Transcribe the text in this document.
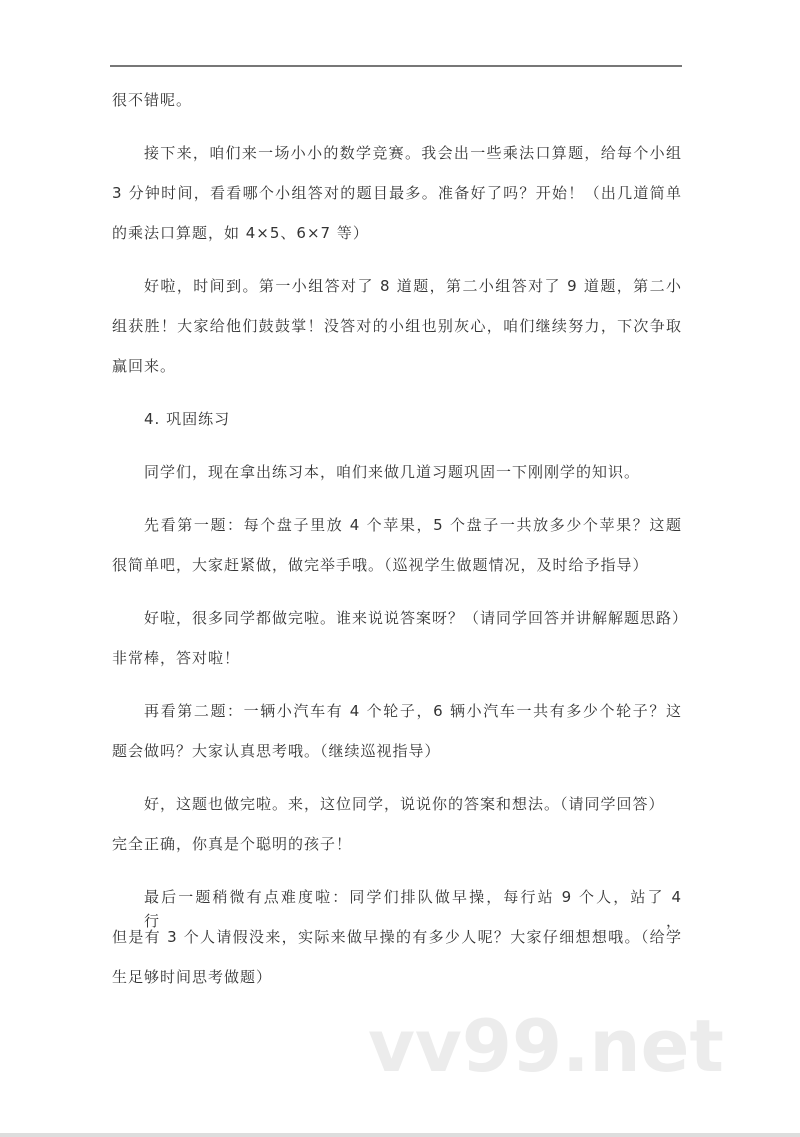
很不错呢。
接下来，咱们来一场小小的数学竞赛。我会出一些乘法口算题，给每个小组
3 分钟时间，看看哪个小组答对的题目最多。准备好了吗？开始！（出几道简单
的乘法口算题，如 4×5、6×7 等）
好啦，时间到。第一小组答对了 8 道题，第二小组答对了 9 道题，第二小
组获胜！大家给他们鼓鼓掌！没答对的小组也别灰心，咱们继续努力，下次争取
赢回来。
4. 巩固练习
同学们，现在拿出练习本，咱们来做几道习题巩固一下刚刚学的知识。
先看第一题：每个盘子里放 4 个苹果，5 个盘子一共放多少个苹果？这题
很简单吧，大家赶紧做，做完举手哦。（巡视学生做题情况，及时给予指导）
好啦，很多同学都做完啦。谁来说说答案呀？（请同学回答并讲解解题思路）
非常棒，答对啦！
再看第二题：一辆小汽车有 4 个轮子，6 辆小汽车一共有多少个轮子？这
题会做吗？大家认真思考哦。（继续巡视指导）
好，这题也做完啦。来，这位同学，说说你的答案和想法。（请同学回答）
完全正确，你真是个聪明的孩子！
最后一题稍微有点难度啦：同学们排队做早操，每行站 9 个人，站了 4 行，
但是有 3 个人请假没来，实际来做早操的有多少人呢？大家仔细想想哦。（给学
生足够时间思考做题）
vv99.net
